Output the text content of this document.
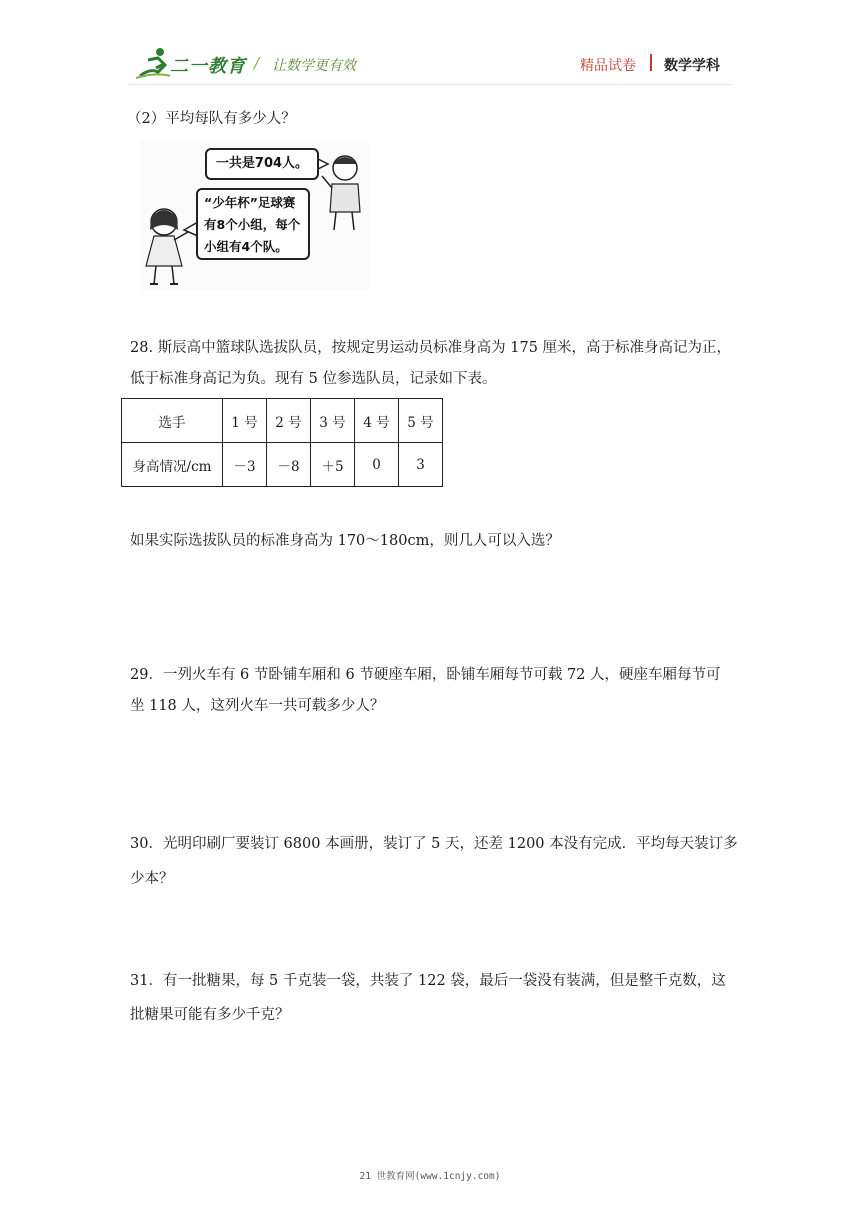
二一教育 / 让数学更有效	精品试卷 数学学科
（2）平均每队有多少人？
一共是704人。
“少年杯”足球赛
有8个小组，每个
小组有4个队。
28. 斯辰高中篮球队选拔队员，按规定男运动员标准身高为 175 厘米，高于标准身高记为正，
低于标准身高记为负。现有 5 位参选队员，记录如下表。
选手	1 号	2 号	3 号	4 号	5 号
身高情况/cm	－3	－8	＋5	0	3
如果实际选拔队员的标准身高为 170～180cm，则几人可以入选？
29．一列火车有 6 节卧铺车厢和 6 节硬座车厢，卧铺车厢每节可载 72 人，硬座车厢每节可
坐 118 人，这列火车一共可载多少人？
30．光明印刷厂要装订 6800 本画册，装订了 5 天，还差 1200 本没有完成．平均每天装订多
少本？
31．有一批糖果，每 5 千克装一袋，共装了 122 袋，最后一袋没有装满，但是整千克数，这
批糖果可能有多少千克？
21 世教育网(www.1cnjy.com)
